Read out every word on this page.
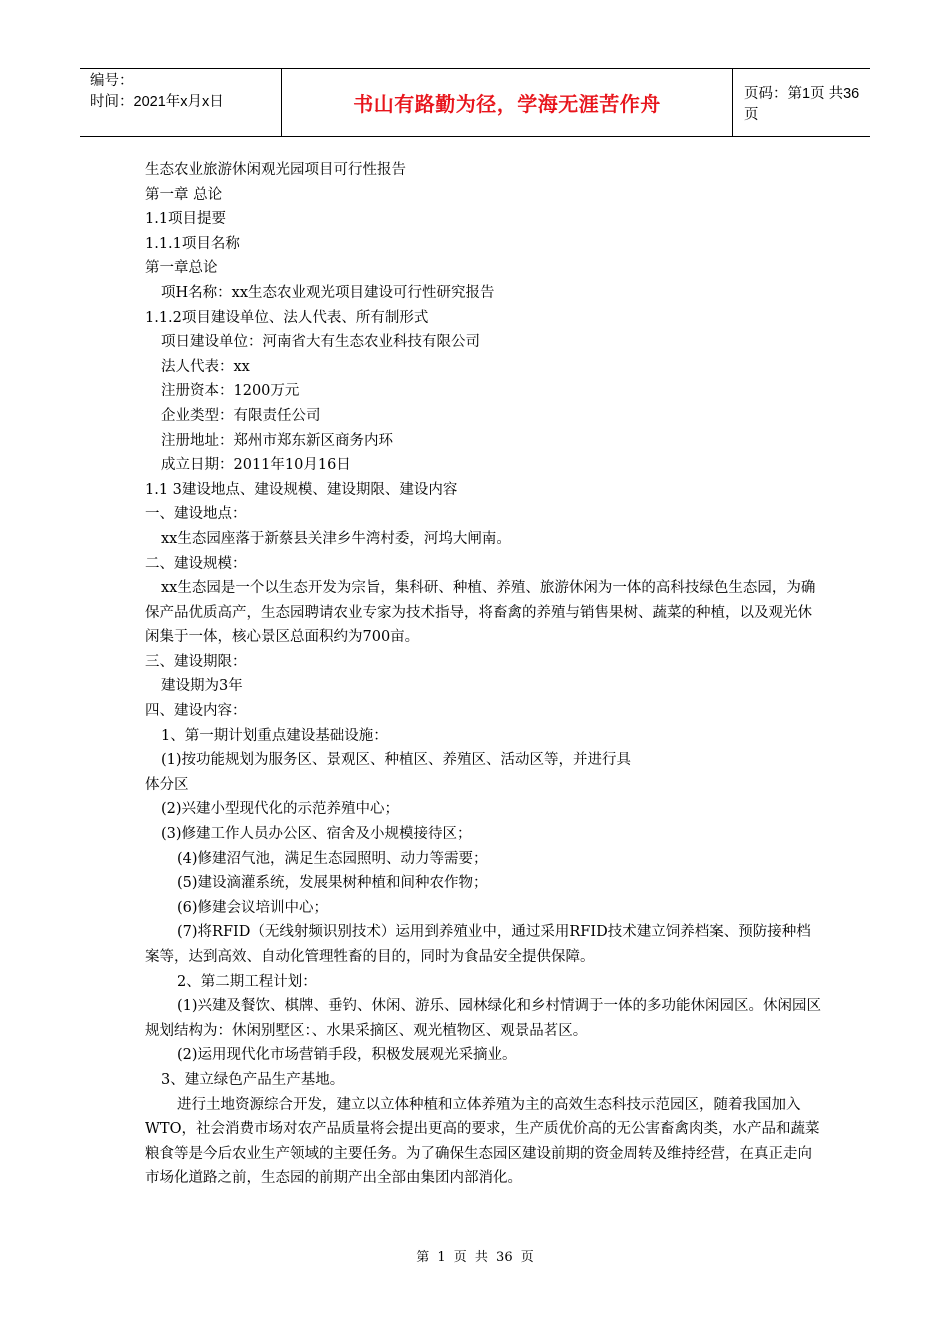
编号：
时间：2021年x月x日	书山有路勤为径，学海无涯苦作舟	页码：第1页 共36页

生态农业旅游休闲观光园项目可行性报告

第一章 总论

1.1项目提要

1.1.1项目名称

第一章总论

项H名称：xx生态农业观光项目建设可行性研究报告

1.1.2项目建设单位、法人代表、所有制形式

项日建设单位：河南省大有生态农业科技有限公司

法人代表：xx

注册资本：1200万元

企业类型：有限责任公司

注册地址：郑州市郑东新区商务内环

成立日期：2011年10月16日

1.1 3建设地点、建设规模、建设期限、建设内容

一、建设地点：

xx生态园座落于新蔡县关津乡牛湾村委，河坞大闸南。

二、建设规模：

xx生态园是一个以生态开发为宗旨，集科研、种植、养殖、旅游休闲为一体的高科技绿色生态园，为确保产品优质高产，生态园聘请农业专家为技术指导，将畜禽的养殖与销售果树、蔬菜的种植，以及观光休闲集于一体，核心景区总面积约为700亩。

三、建设期限：

建设期为3年

四、建设内容：

1、第一期计划重点建设基础设施：

(1)按功能规划为服务区、景观区、种植区、养殖区、活动区等，并进行具

体分区

(2)兴建小型现代化的示范养殖中心；

(3)修建工作人员办公区、宿舍及小规模接待区；

(4)修建沼气池，满足生态园照明、动力等需要；

(5)建设滴灌系统，发展果树种植和间种农作物；

(6)修建会议培训中心；

(7)将RFID（无线射频识别技术）运用到养殖业中，通过采用RFID技术建立饲养档案、预防接种档案等，达到高效、自动化管理牲畜的目的，同时为食品安全提供保障。

2、第二期工程计划：

(1)兴建及餐饮、棋牌、垂钓、休闲、游乐、园林绿化和乡村情调于一体的多功能休闲园区。休闲园区规划结构为：休闲别墅区：、水果采摘区、观光植物区、观景品茗区。

(2)运用现代化市场营销手段，积极发展观光采摘业。

3、建立绿色产品生产基地。

进行土地资源综合开发，建立以立体种植和立体养殖为主的高效生态科技示范园区，随着我国加入WTO，社会消费市场对农产品质量将会提出更高的要求，生产质优价高的无公害畜禽肉类，水产品和蔬菜粮食等是今后农业生产领域的主要任务。为了确保生态园区建设前期的资金周转及维持经营，在真正走向市场化道路之前，生态园的前期产出全部由集团内部消化。

第 1 页 共 36 页
